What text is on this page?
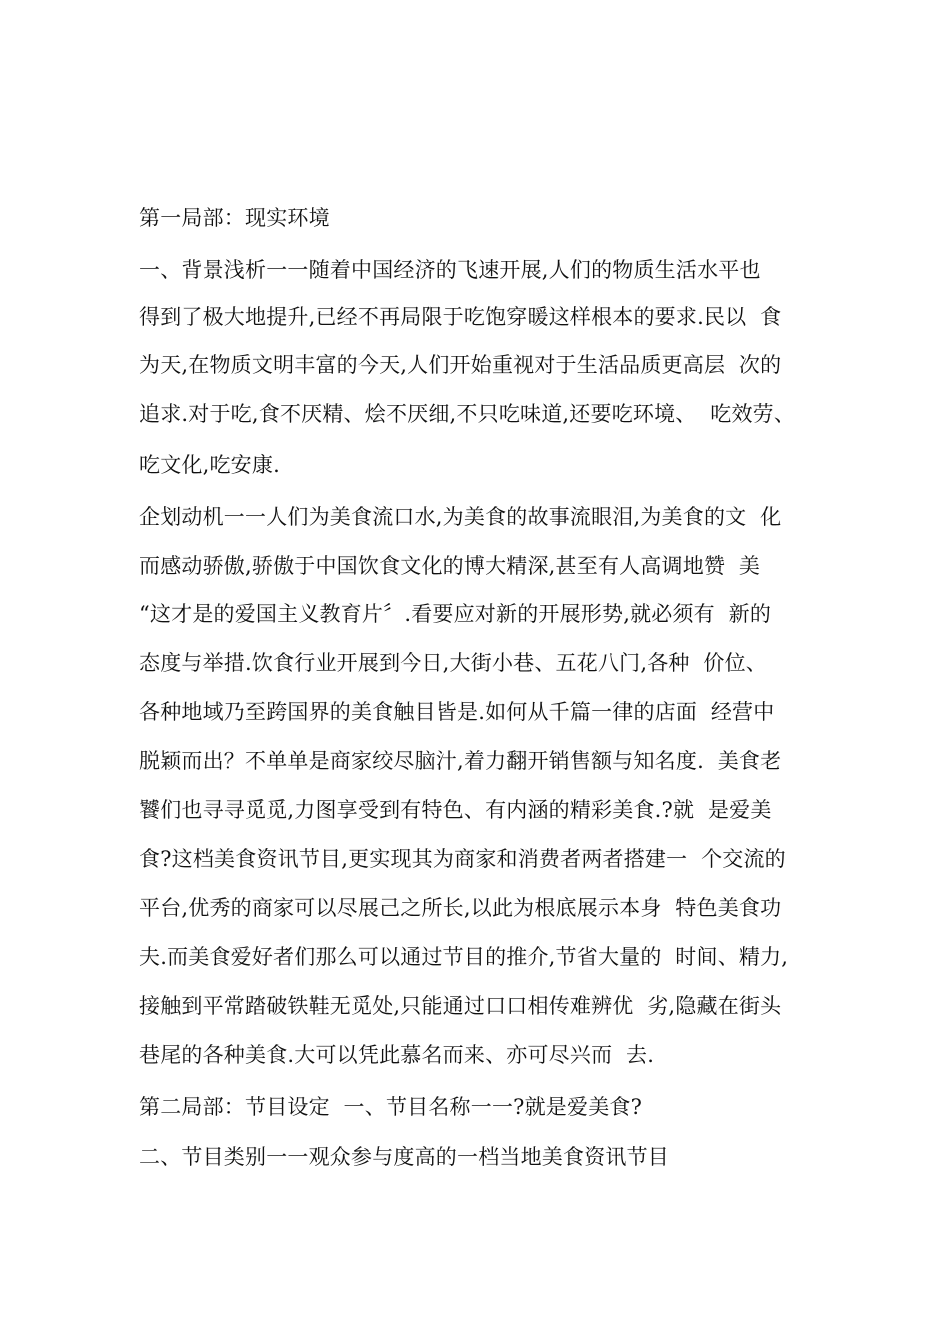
第一局部：现实环境
一、背景浅析一一随着中国经济的飞速开展,人们的物质生活水平也
得到了极大地提升,已经不再局限于吃饱穿暖这样根本的要求.民以  食
为天,在物质文明丰富的今天,人们开始重视对于生活品质更高层  次的
追求.对于吃,食不厌精、烩不厌细,不只吃味道,还要吃环境、  吃效劳、
吃文化,吃安康.
企划动机一一人们为美食流口水,为美食的故事流眼泪,为美食的文  化
而感动骄傲,骄傲于中国饮食文化的博大精深,甚至有人高调地赞  美
“这才是的爱国主义教育片〞.看要应对新的开展形势,就必须有  新的
态度与举措.饮食行业开展到今日,大街小巷、五花八门,各种  价位、
各种地域乃至跨国界的美食触目皆是.如何从千篇一律的店面  经营中
脱颖而出？不单单是商家绞尽脑汁,着力翻开销售额与知名度.  美食老
饕们也寻寻觅觅,力图享受到有特色、有内涵的精彩美食.?就  是爱美
食?这档美食资讯节目,更实现其为商家和消费者两者搭建一  个交流的
平台,优秀的商家可以尽展己之所长,以此为根底展示本身  特色美食功
夫.而美食爱好者们那么可以通过节目的推介,节省大量的  时间、精力,
接触到平常踏破铁鞋无觅处,只能通过口口相传难辨优  劣,隐藏在街头
巷尾的各种美食.大可以凭此慕名而来、亦可尽兴而  去.
第二局部：节目设定  一、节目名称一一?就是爱美食?
二、节目类别一一观众参与度高的一档当地美食资讯节目
